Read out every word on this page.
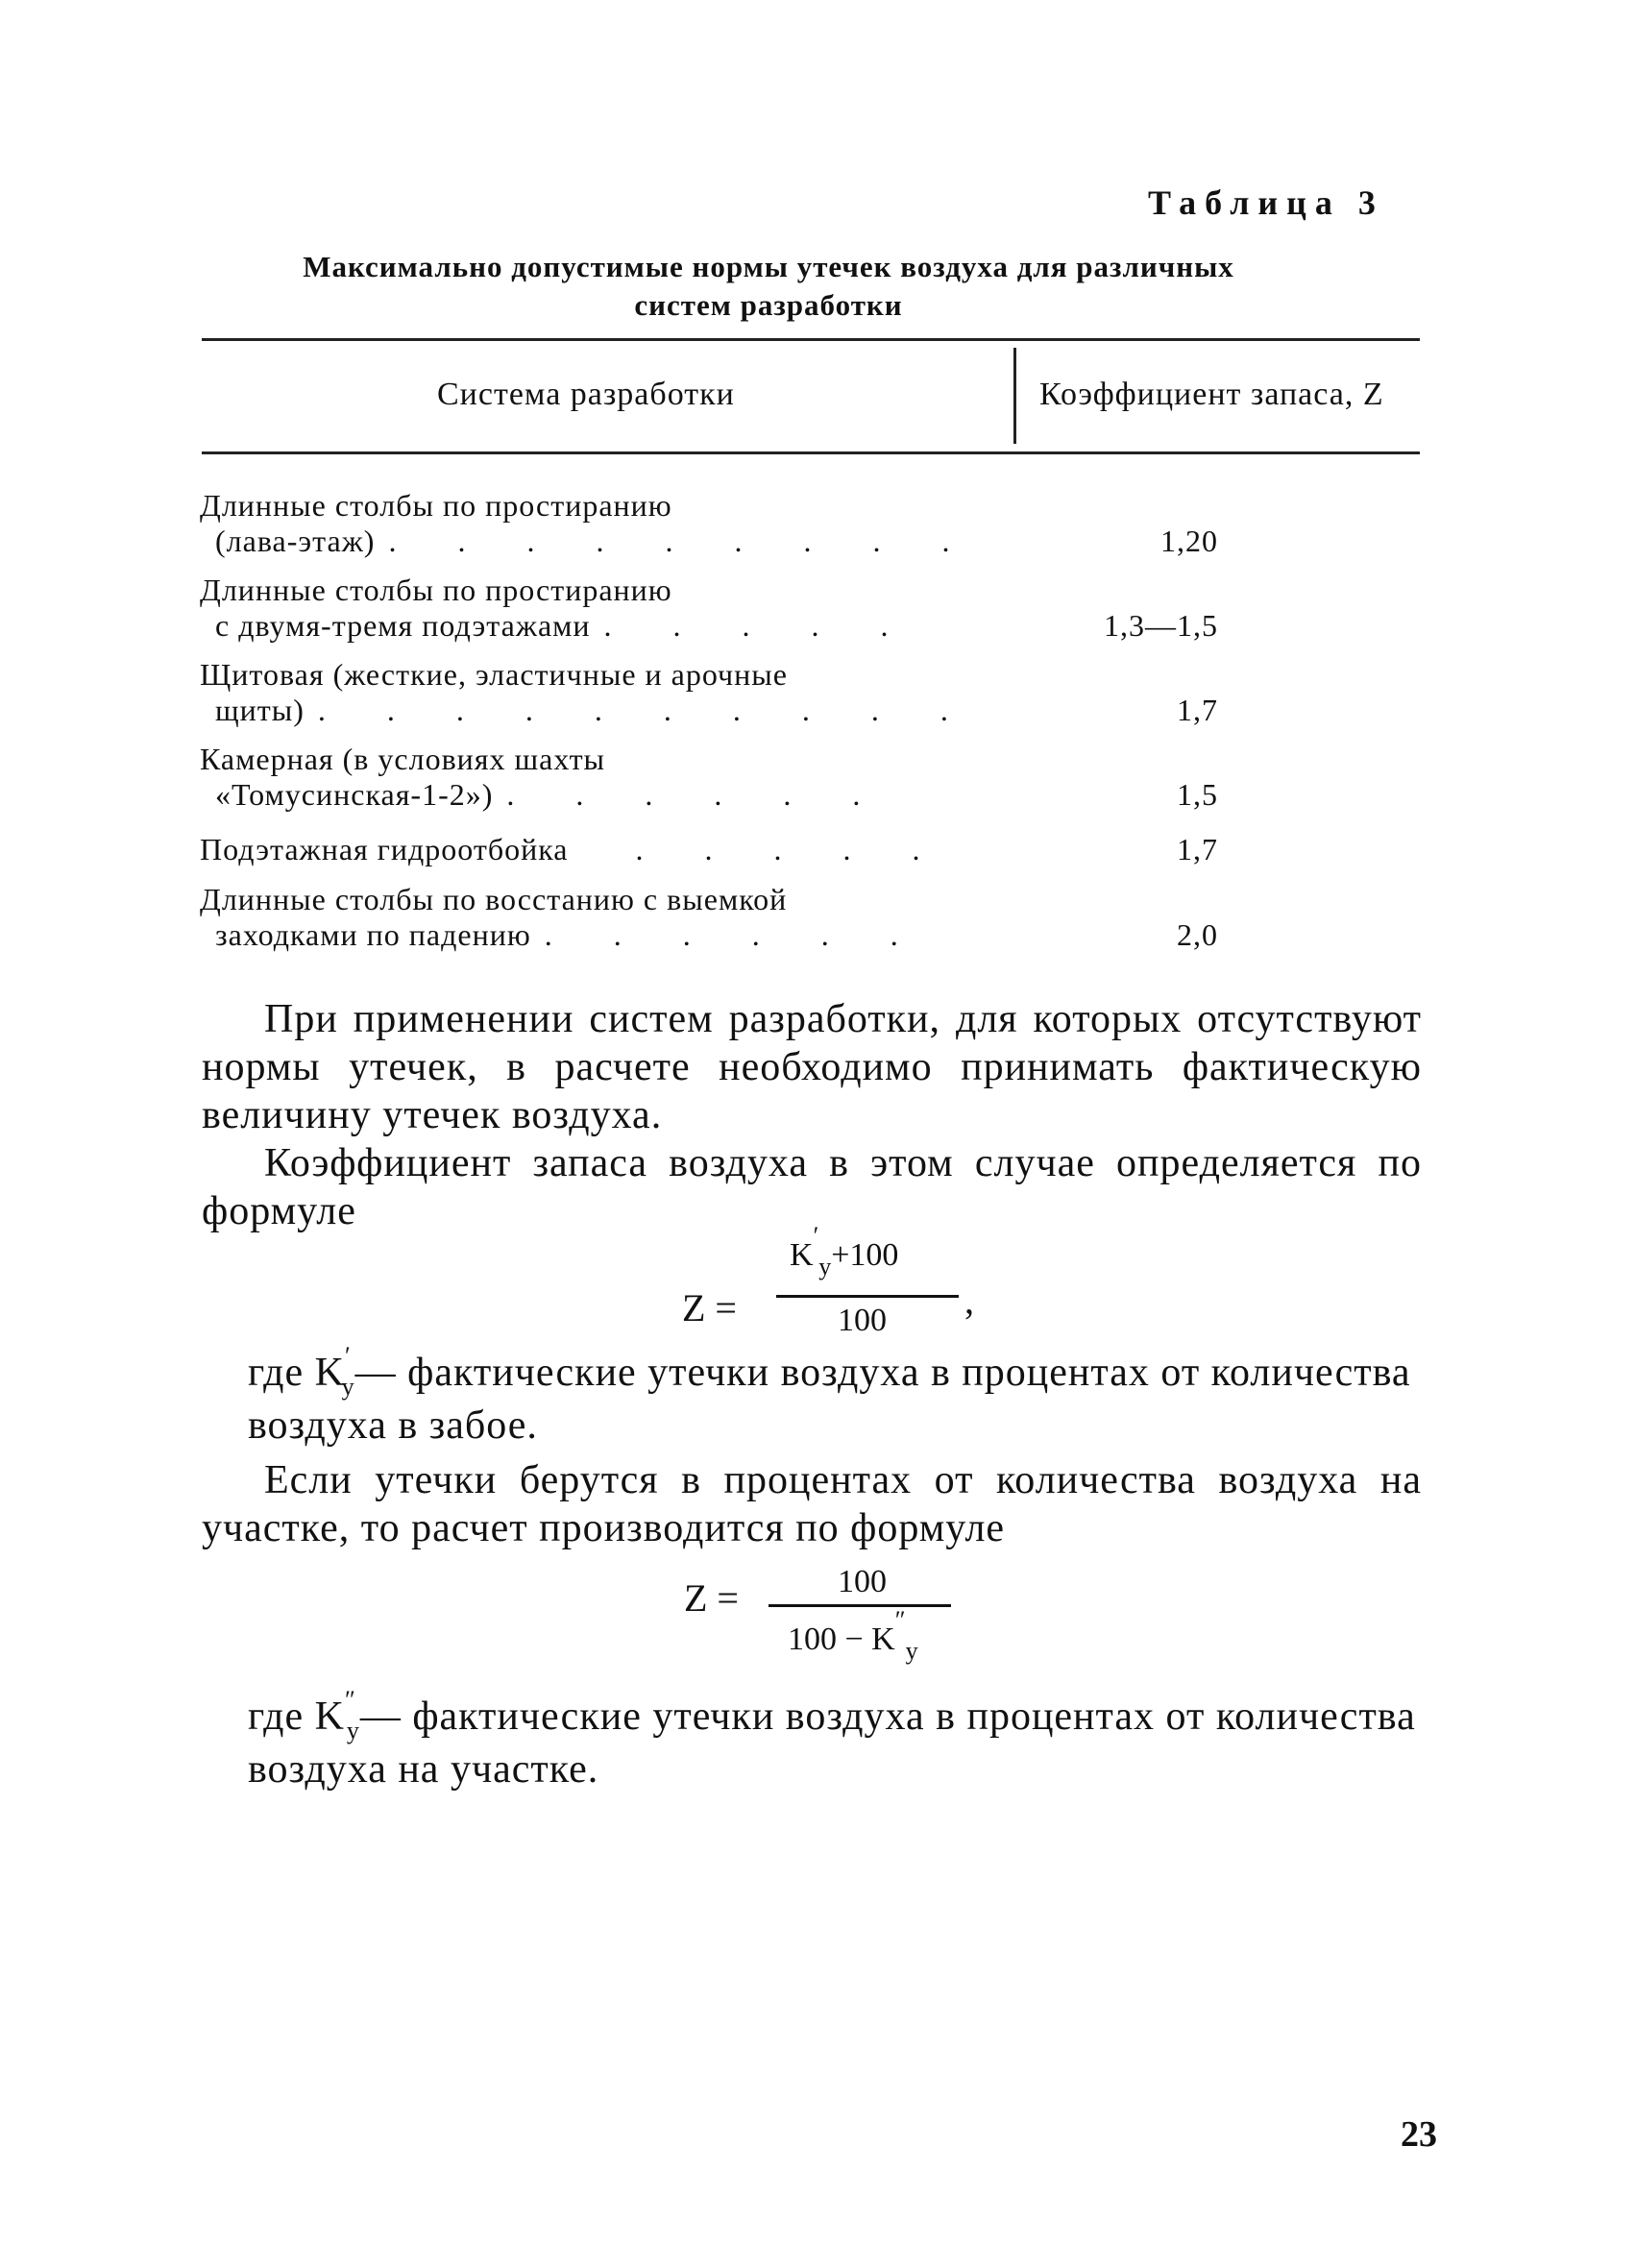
Таблица 3
Максимально допустимые нормы утечек воздуха для различных
систем разработки
Система разработки	Коэффициент запаса, Z
Длинные столбы по простиранию
(лава-этаж) . . . . . . . . .	1,20
Длинные столбы по простиранию
с двумя-тремя подэтажами . . . . .	1,3—1,5
Щитовая (жесткие, эластичные и арочные
щиты) . . . . . . . . . .	1,7
Камерная (в условиях шахты
«Томусинская-1-2») . . . . . .	1,5
Подэтажная гидроотбойка . . . . .	1,7
Длинные столбы по восстанию с выемкой
заходками по падению . . . . . .	2,0
При применении систем разработки, для которых отсутствуют нормы утечек, в расчете необходимо принимать фактическую величину утечек воздуха.
Коэффициент запаса воздуха в этом случае определяется по формуле
Z =
$K'_у+100$
100 ,
где $K'_у—$ фактические утечки воздуха в процентах от количества воздуха в забое.
Если утечки берутся в процентах от количества воздуха на участке, то расчет производится по формуле
Z =	100
$100 - K''_у$
где $K''_у—$ фактические утечки воздуха в процентах от количества воздуха на участке.
23
